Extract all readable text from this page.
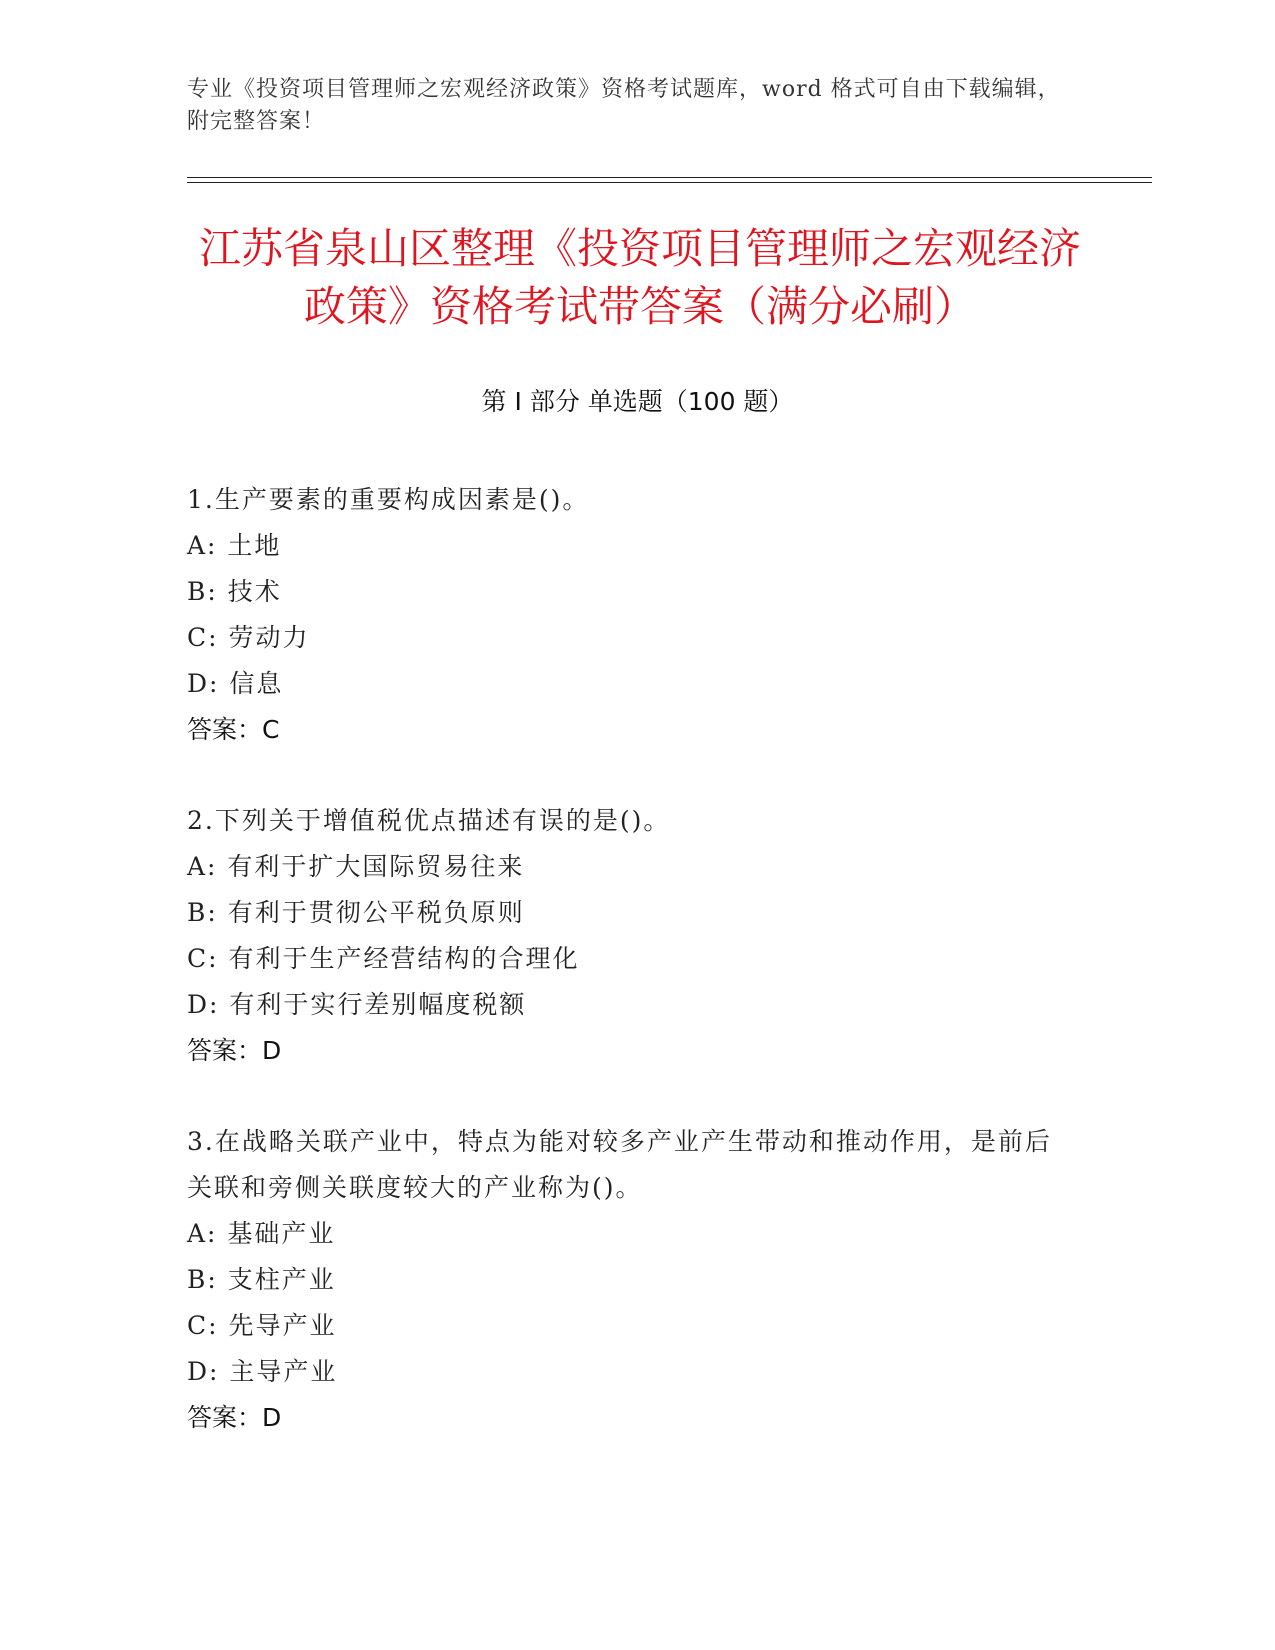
专业《投资项目管理师之宏观经济政策》资格考试题库，word 格式可自由下载编辑，附完整答案！
江苏省泉山区整理《投资项目管理师之宏观经济政策》资格考试带答案（满分必刷）
第 I 部分 单选题（100 题）
1.生产要素的重要构成因素是()。
A: 土地
B: 技术
C: 劳动力
D: 信息
答案：C
2.下列关于增值税优点描述有误的是()。
A: 有利于扩大国际贸易往来
B: 有利于贯彻公平税负原则
C: 有利于生产经营结构的合理化
D: 有利于实行差别幅度税额
答案：D
3.在战略关联产业中，特点为能对较多产业产生带动和推动作用，是前后关联和旁侧关联度较大的产业称为()。
A: 基础产业
B: 支柱产业
C: 先导产业
D: 主导产业
答案：D
